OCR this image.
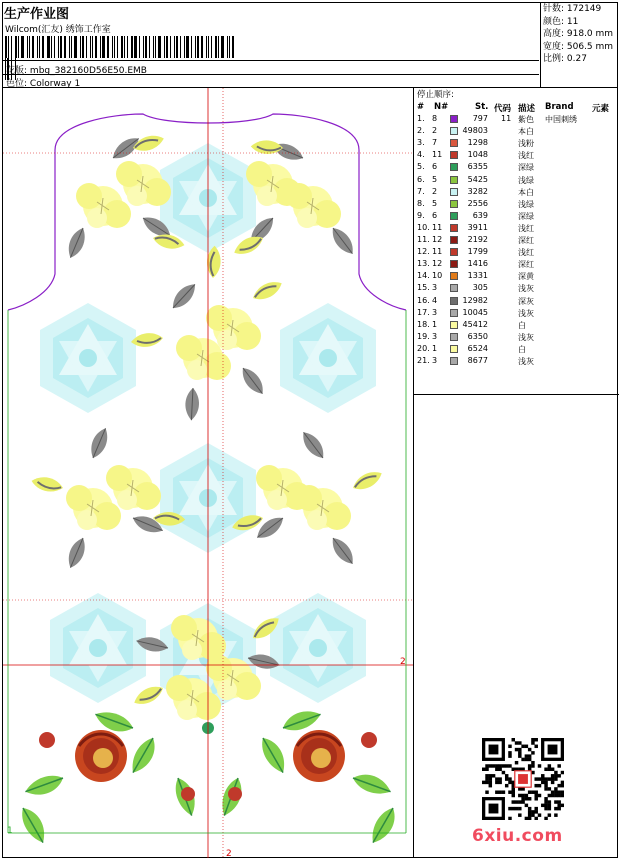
生产作业图
Wilcom(汇友) 绣饰工作室
花版: mbg_382160D56E50.EMB
色位: Colorway 1
针数: 172149
颜色: 11
高度: 918.0 mm
宽度: 506.5 mm
比例: 0.27
2
2
1
停止顺序:
# N#	St. 代码 描述 Brand 元素
1. 8	797 11 紫色 中国刺绣
2. 2	49803	本白
3. 7	1298	浅粉
4. 11	1048	浅红
5. 6	6355	深绿
6. 5	5425	浅绿
7. 2	3282	本白
8. 5	2556	浅绿
9. 6	639	深绿
10. 11	3911	浅红
11. 12	2192	深红
12. 11	1799	浅红
13. 12	1416	深红
14. 10	1331	深黄
15. 3	305	浅灰
16. 4	12982	深灰
17. 3	10045	浅灰
18. 1	45412	白
19. 3	6350	浅灰
20. 1	6524	白
21. 3	8677	浅灰
6xiu.com
